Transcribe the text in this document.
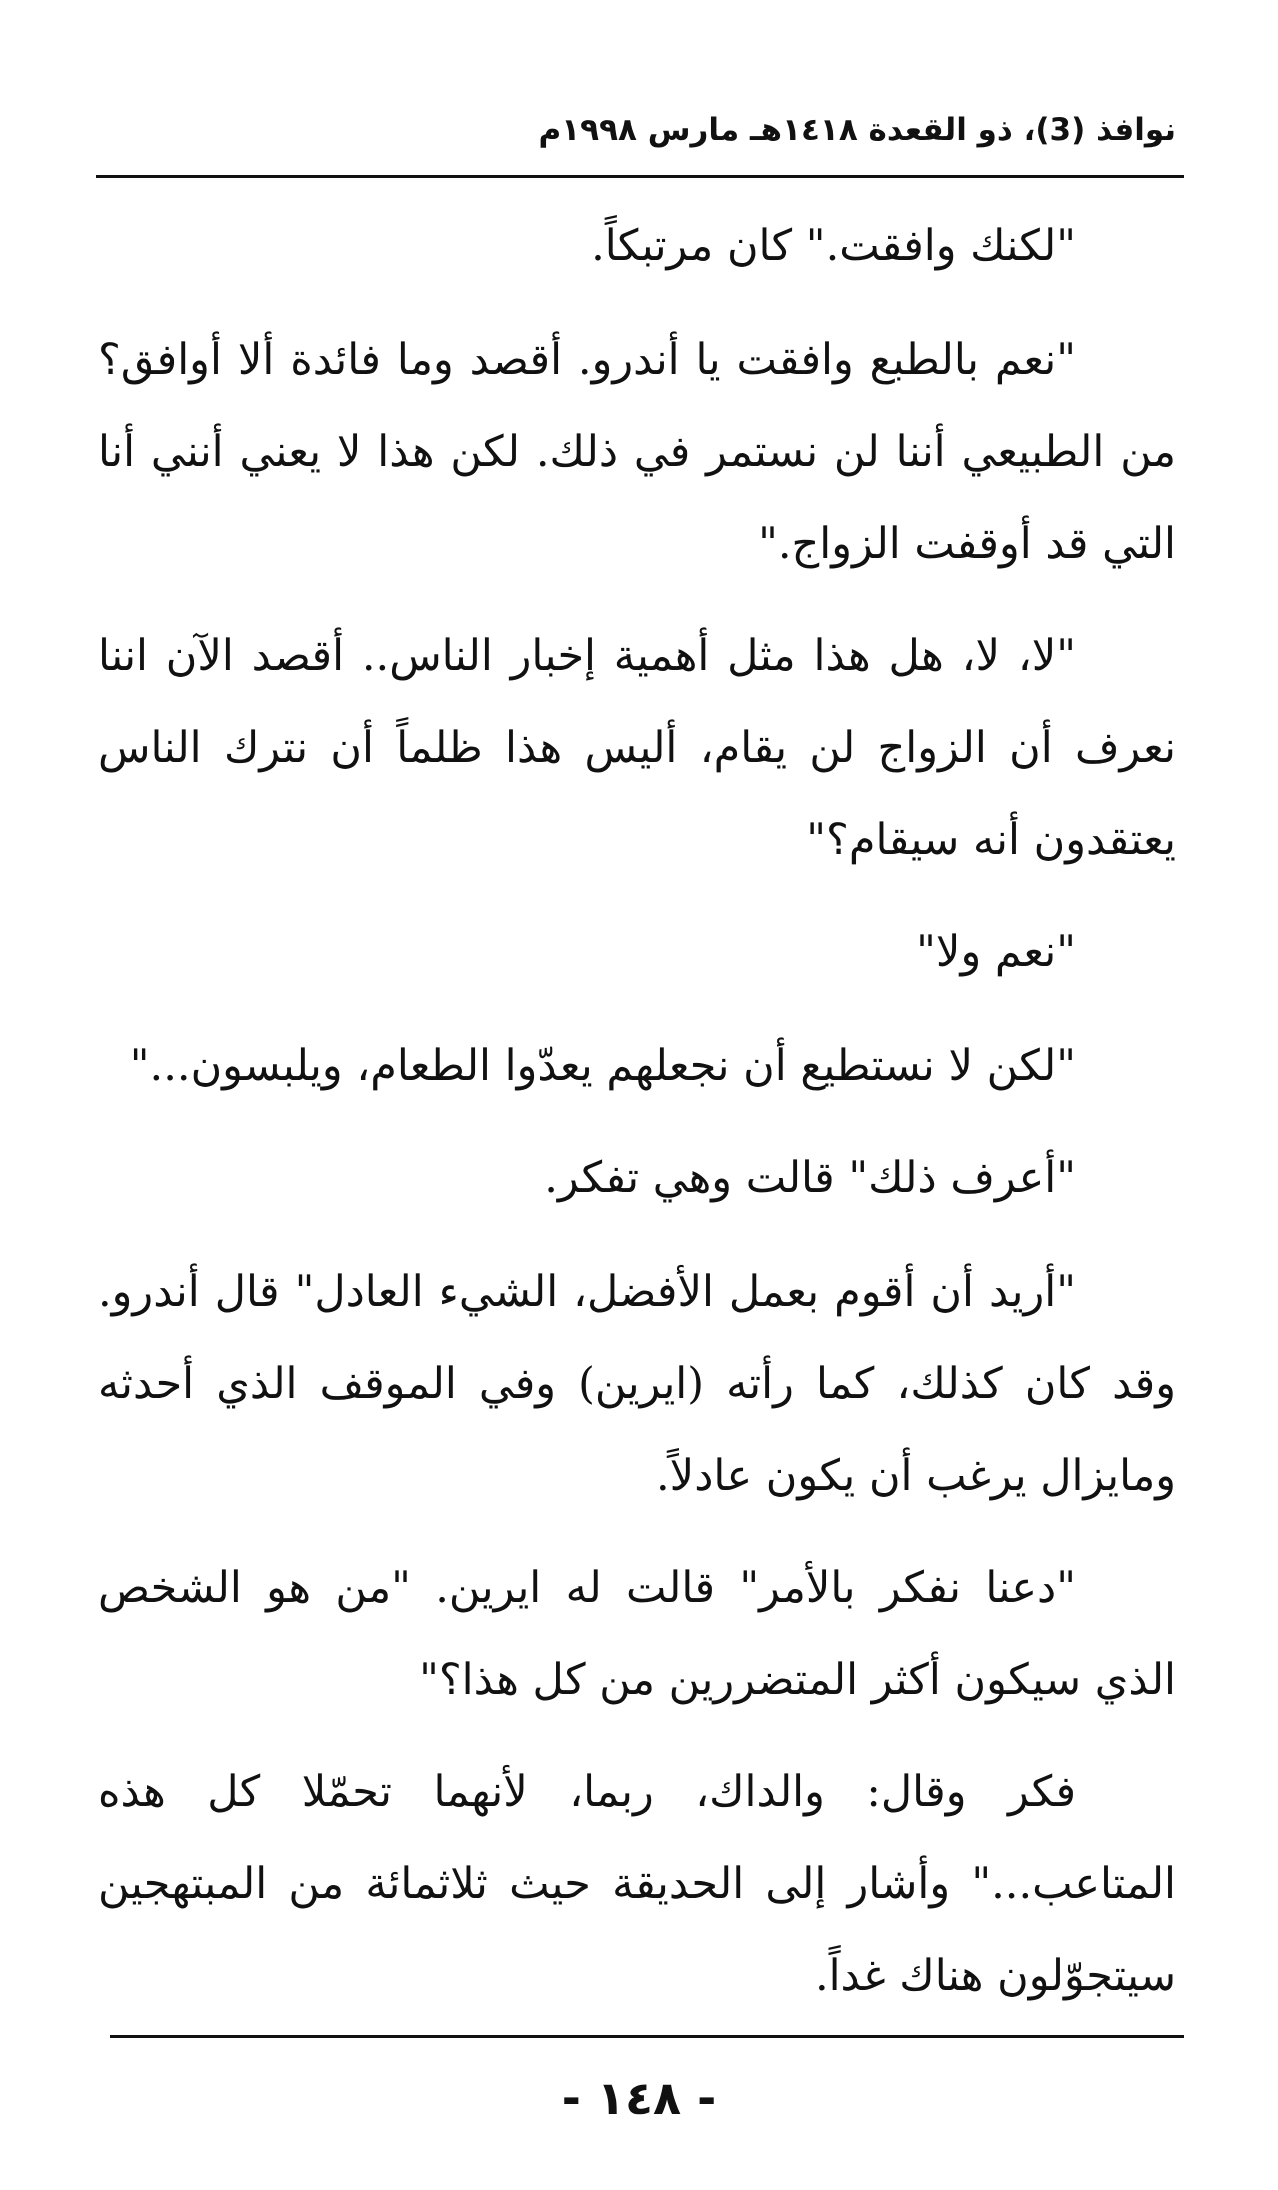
نوافذ (3)، ذو القعدة ١٤١٨هـ مارس ١٩٩٨م

"لكنك وافقت." كان مرتبكاً.

"نعم بالطبع وافقت يا أندرو. أقصد وما فائدة ألا أوافق؟ من الطبيعي أننا لن نستمر في ذلك. لكن هذا لا يعني أنني أنا التي قد أوقفت الزواج."

"لا، لا، هل هذا مثل أهمية إخبار الناس.. أقصد الآن اننا نعرف أن الزواج لن يقام، أليس هذا ظلماً أن نترك الناس يعتقدون أنه سيقام؟"

"نعم ولا"

"لكن لا نستطيع أن نجعلهم يعدّوا الطعام، ويلبسون..."

"أعرف ذلك" قالت وهي تفكر.

"أريد أن أقوم بعمل الأفضل، الشيء العادل" قال أندرو. وقد كان كذلك، كما رأته (ايرين) وفي الموقف الذي أحدثه ومايزال يرغب أن يكون عادلاً.

"دعنا نفكر بالأمر" قالت له ايرين. "من هو الشخص الذي سيكون أكثر المتضررين من كل هذا؟"

فكر وقال: والداك، ربما، لأنهما تحمّلا كل هذه المتاعب..." وأشار إلى الحديقة حيث ثلاثمائة من المبتهجين سيتجوّلون هناك غداً.

- ١٤٨ -
